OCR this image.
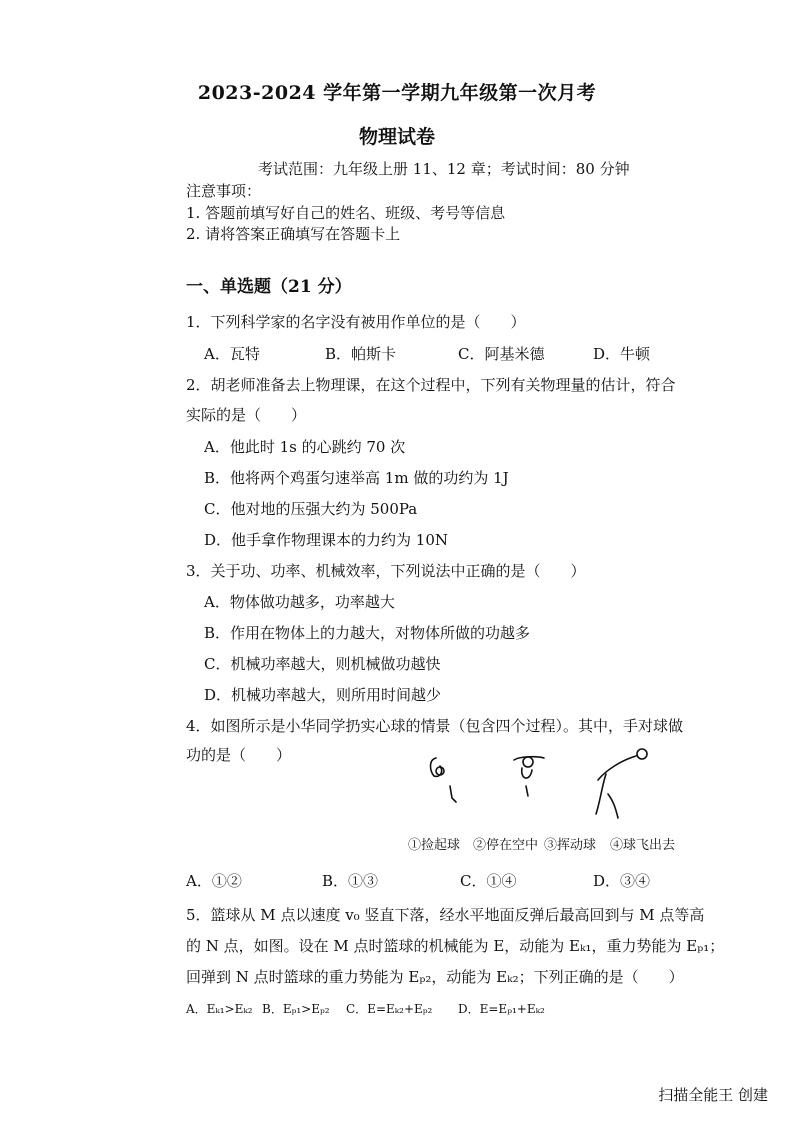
2023-2024 学年第一学期九年级第一次月考
物理试卷
考试范围：九年级上册 11、12 章；考试时间：80 分钟
注意事项：
1. 答题前填写好自己的姓名、班级、考号等信息
2. 请将答案正确填写在答题卡上
一、单选题（21 分）
1．下列科学家的名字没有被用作单位的是（　　）
A．瓦特	B．帕斯卡	C．阿基米德	D．牛顿
2．胡老师准备去上物理课，在这个过程中，下列有关物理量的估计，符合
实际的是（　　）
A．他此时 1s 的心跳约 70 次
B．他将两个鸡蛋匀速举高 1m 做的功约为 1J
C．他对地的压强大约为 500Pa
D．他手拿作物理课本的力约为 10N
3．关于功、功率、机械效率，下列说法中正确的是（　　）
A．物体做功越多，功率越大
B．作用在物体上的力越大，对物体所做的功越多
C．机械功率越大，则机械做功越快
D．机械功率越大，则所用时间越少
4．如图所示是小华同学扔实心球的情景（包含四个过程）。其中，手对球做
功的是（　　）
①捡起球 ②停在空中 ③挥动球 ④球飞出去
A．①②	B．①③	C．①④	D．③④
5．篮球从 M 点以速度 v₀ 竖直下落，经水平地面反弹后最高回到与 M 点等高
的 N 点，如图。设在 M 点时篮球的机械能为 E，动能为 Eₖ₁，重力势能为 Eₚ₁；
回弹到 N 点时篮球的重力势能为 Eₚ₂，动能为 Eₖ₂；下列正确的是（　　）
A．Eₖ₁>Eₖ₂ B．Eₚ₁>Eₚ₂ C．E=Eₖ₂+Eₚ₂ D．E=Eₚ₁+Eₖ₂
扫描全能王 创建
